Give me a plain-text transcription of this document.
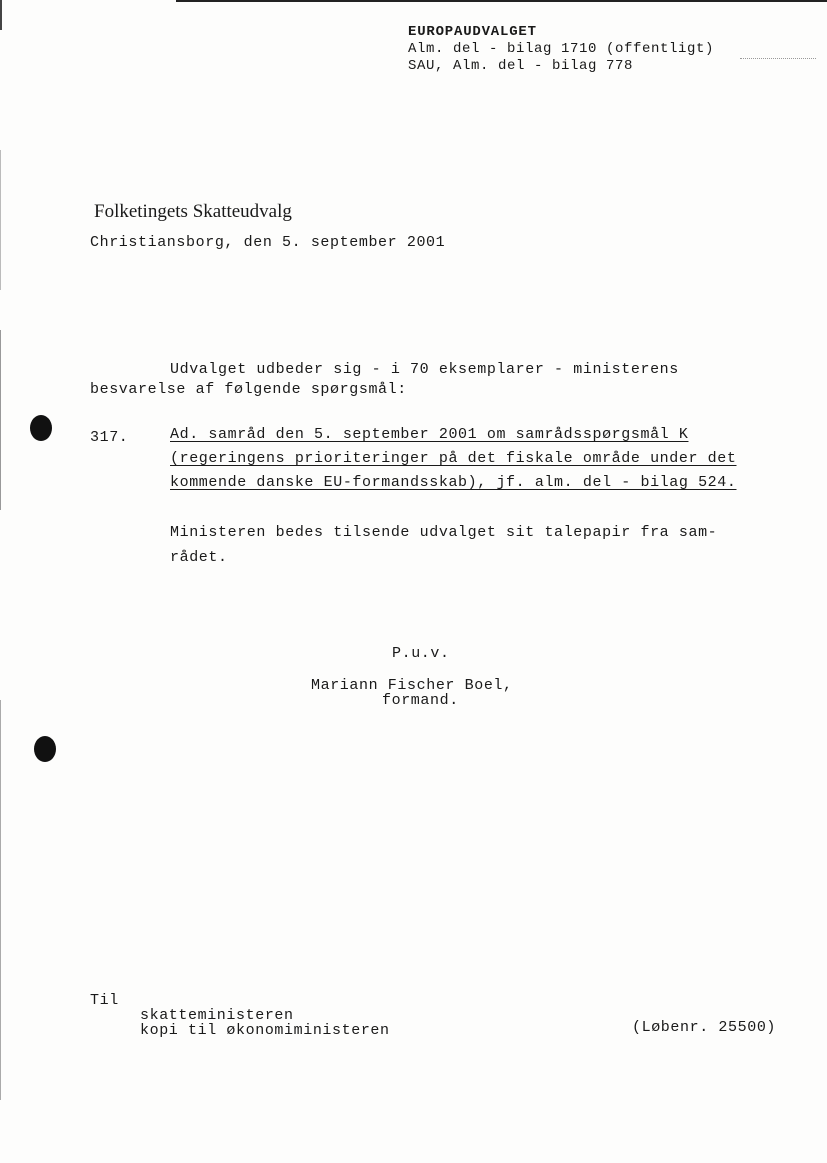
EUROPAUDVALGET
Alm. del - bilag 1710 (offentligt)
SAU, Alm. del - bilag 778
Folketingets Skatteudvalg
Christiansborg, den 5. september 2001
Udvalget udbeder sig - i 70 eksemplarer - ministerens
besvarelse af følgende spørgsmål:
317.	Ad. samråd den 5. september 2001 om samrådsspørgsmål K
(regeringens prioriteringer på det fiskale område under det
kommende danske EU-formandsskab), jf. alm. del - bilag 524.
Ministeren bedes tilsende udvalget sit talepapir fra sam-
rådet.
P.u.v.
Mariann Fischer Boel,
formand.
Til
skatteministeren
kopi til økonomiministeren	(Løbenr. 25500)
